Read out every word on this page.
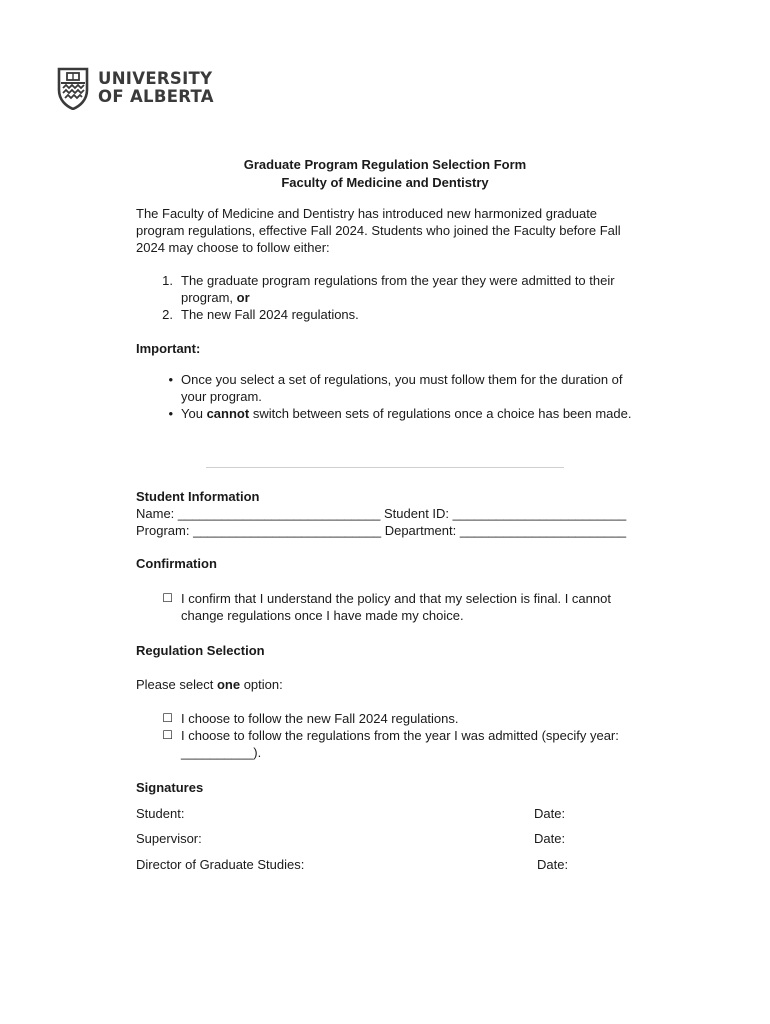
UNIVERSITY
OF ALBERTA
Graduate Program Regulation Selection Form
Faculty of Medicine and Dentistry

The Faculty of Medicine and Dentistry has introduced new harmonized graduate program regulations, effective Fall 2024. Students who joined the Faculty before Fall 2024 may choose to follow either:

1. The graduate program regulations from the year they were admitted to their program, or
2. The new Fall 2024 regulations.
Important:
• Once you select a set of regulations, you must follow them for the duration of your program.
• You cannot switch between sets of regulations once a choice has been made.
Student Information
Name: ____________________________ Student ID: ________________________
Program: __________________________ Department: _______________________
Confirmation
☐ I confirm that I understand the policy and that my selection is final. I cannot change regulations once I have made my choice.
Regulation Selection
Please select one option:
☐ I choose to follow the new Fall 2024 regulations.
☐ I choose to follow the regulations from the year I was admitted (specify year: __________).
Signatures
Student:	Date:
Supervisor:	Date:
Director of Graduate Studies:	Date:
